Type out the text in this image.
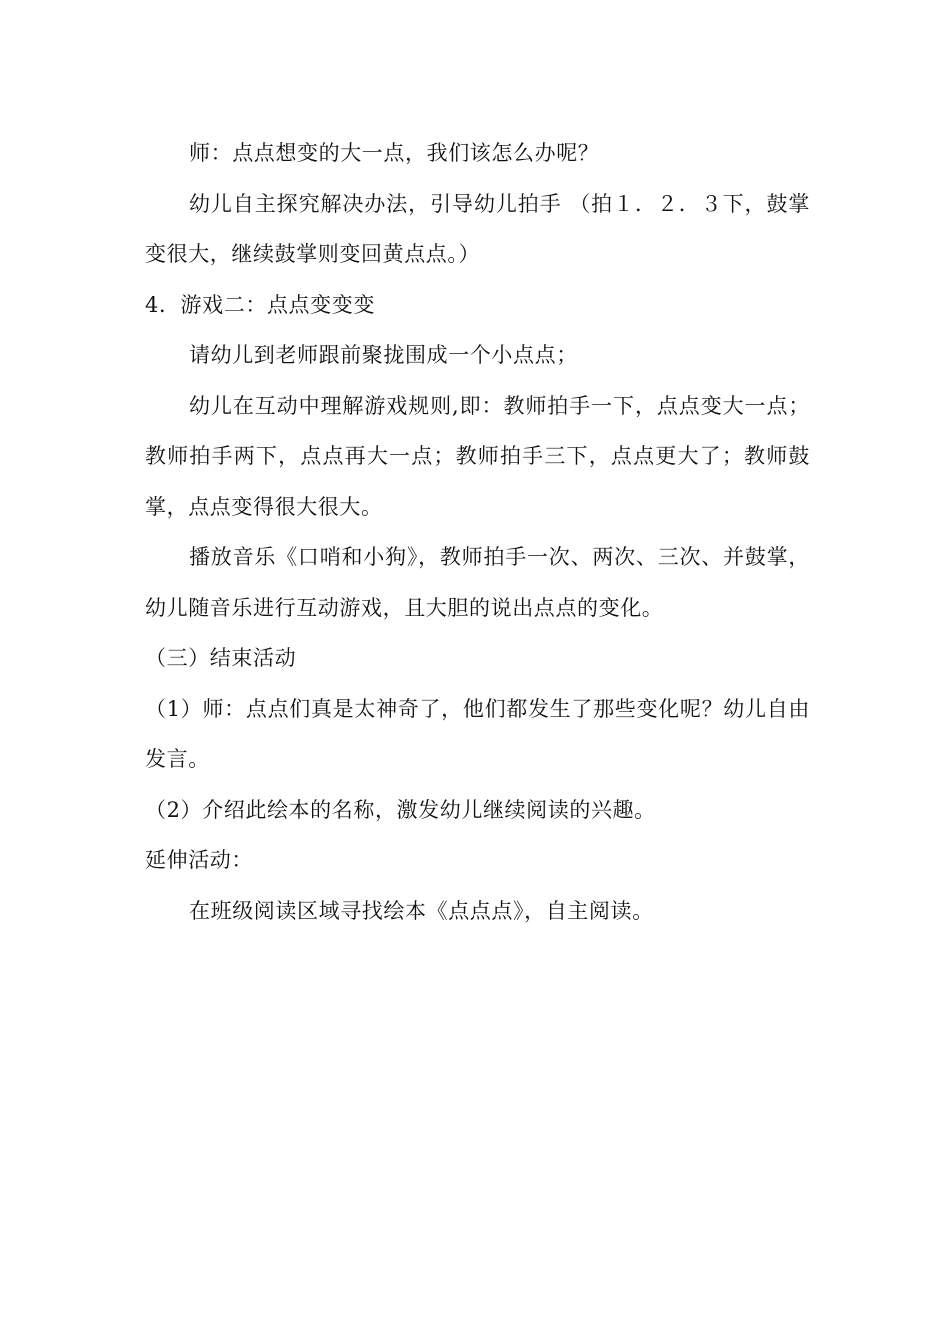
师：点点想变的大一点，我们该怎么办呢？

幼儿自主探究解决办法，引导幼儿拍手 （拍１．２．３下，鼓掌变很大，继续鼓掌则变回黄点点。）

4．游戏二：点点变变变

请幼儿到老师跟前聚拢围成一个小点点；

幼儿在互动中理解游戏规则,即：教师拍手一下，点点变大一点；教师拍手两下，点点再大一点；教师拍手三下，点点更大了；教师鼓掌，点点变得很大很大。

播放音乐《口哨和小狗》，教师拍手一次、两次、三次、并鼓掌，幼儿随音乐进行互动游戏，且大胆的说出点点的变化。

（三）结束活动

（1）师：点点们真是太神奇了，他们都发生了那些变化呢？幼儿自由发言。

（2）介绍此绘本的名称，激发幼儿继续阅读的兴趣。

延伸活动：

在班级阅读区域寻找绘本《点点点》，自主阅读。
